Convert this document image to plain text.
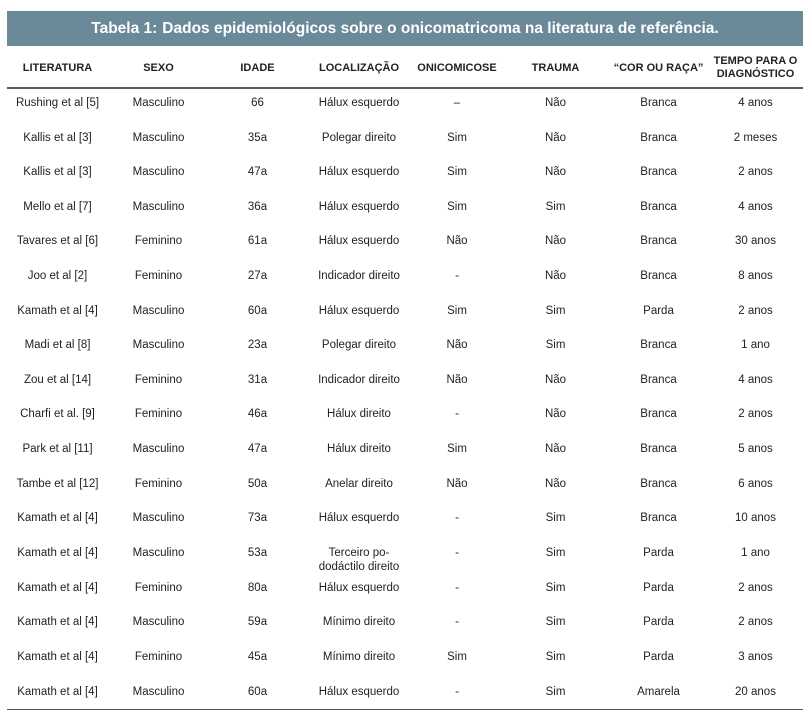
Tabela 1: Dados epidemiológicos sobre o onicomatricoma na literatura de referência.
LITERATURA	SEXO	IDADE	LOCALIZAÇÃO	ONICOMICOSE	TRAUMA	“COR OU RAÇA”	TEMPO PARA O DIAGNÓSTICO
Rushing et al [5]	Masculino	66	Hálux esquerdo	–	Não	Branca	4 anos
Kallis et al [3]	Masculino	35a	Polegar direito	Sim	Não	Branca	2 meses
Kallis et al [3]	Masculino	47a	Hálux esquerdo	Sim	Não	Branca	2 anos
Mello et al [7]	Masculino	36a	Hálux esquerdo	Sim	Sim	Branca	4 anos
Tavares et al [6]	Feminino	61a	Hálux esquerdo	Não	Não	Branca	30 anos
Joo et al [2]	Feminino	27a	Indicador direito	-	Não	Branca	8 anos
Kamath et al [4]	Masculino	60a	Hálux esquerdo	Sim	Sim	Parda	2 anos
Madi et al [8]	Masculino	23a	Polegar direito	Não	Sim	Branca	1 ano
Zou et al [14]	Feminino	31a	Indicador direito	Não	Não	Branca	4 anos
Charfi et al. [9]	Feminino	46a	Hálux direito	-	Não	Branca	2 anos
Park et al [11]	Masculino	47a	Hálux direito	Sim	Não	Branca	5 anos
Tambe et al [12]	Feminino	50a	Anelar direito	Não	Não	Branca	6 anos
Kamath et al [4]	Masculino	73a	Hálux esquerdo	-	Sim	Branca	10 anos
Kamath et al [4]	Masculino	53a	Terceiro po-
dodáctilo direito	-	Sim	Parda	1 ano
Kamath et al [4]	Feminino	80a	Hálux esquerdo	-	Sim	Parda	2 anos
Kamath et al [4]	Masculino	59a	Mínimo direito	-	Sim	Parda	2 anos
Kamath et al [4]	Feminino	45a	Mínimo direito	Sim	Sim	Parda	3 anos
Kamath et al [4]	Masculino	60a	Hálux esquerdo	-	Sim	Amarela	20 anos
